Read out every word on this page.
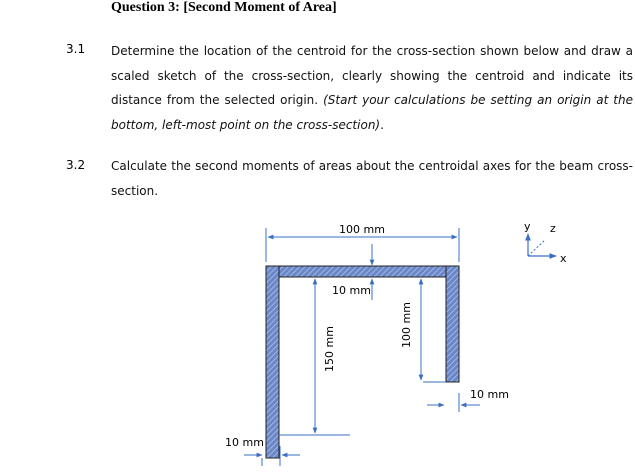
Question 3: [Second Moment of Area]
3.1 Determine the location of the centroid for the cross-section shown below and draw a scaled sketch of the cross-section, clearly showing the centroid and indicate its distance from the selected origin. (Start your calculations be setting an origin at the bottom, left-most point on the cross-section).
3.2 Calculate the second moments of areas about the centroidal axes for the beam cross-section.
100 mm
10 mm
150 mm
100 mm
10 mm
10 mm
y z
x
